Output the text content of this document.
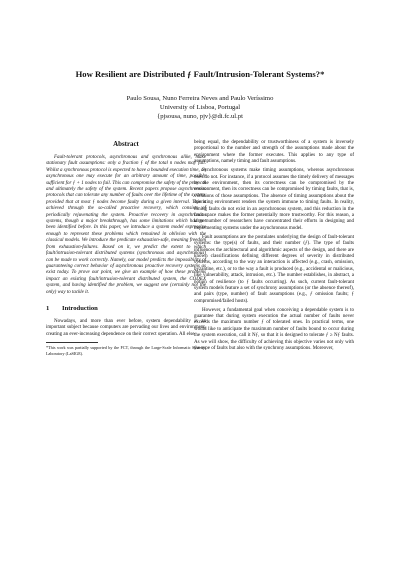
How Resilient are Distributed ƒ Fault/Intrusion-Tolerant Systems?*
Paulo Sousa, Nuno Ferreira Neves and Paulo Veríssimo
University of Lisboa, Portugal
{pjsousa, nuno, pjv}@di.fc.ul.pt
Abstract

Fault-tolerant protocols, asynchronous and synchronous alike, make stationary fault assumptions: only a fraction ƒ of the total n nodes may fail. Whilst a synchronous protocol is expected to have a bounded execution time, an asynchronous one may execute for an arbitrary amount of time, possibly sufficient for ƒ + 1 nodes to fail. This can compromise the safety of the protocol and ultimately the safety of the system. Recent papers propose asynchronous protocols that can tolerate any number of faults over the lifetime of the system, provided that at most ƒ nodes become faulty during a given interval. This is achieved through the so-called proactive recovery, which consists of periodically rejuvenating the system. Proactive recovery in asynchronous systems, though a major breakthrough, has some limitations which had not been identified before. In this paper, we introduce a system model expressive enough to represent these problems which remained in oblivion with the classical models. We introduce the predicate exhaustion-safe, meaning freedom from exhaustion-failures. Based on it, we predict the extent to which fault/intrusion-tolerant distributed systems (synchronous and asynchronous) can be made to work correctly. Namely, our model predicts the impossibility of guaranteeing correct behavior of asynchronous proactive recovery systems as exist today. To prove our point, we give an example of how these problems impact an existing fault/intrusion-tolerant distributed system, the CODEX system, and having identified the problem, we suggest one (certainly not the only) way to tackle it.

1 Introduction

Nowadays, and more than ever before, system dependability is an important subject because computers are pervading our lives and environment, creating an ever-increasing dependence on their correct operation. All else

*This work was partially supported by the FCT, through the Large-Scale Informatic Systems Laboratory (LaSIGE).

being equal, the dependability or trustworthiness of a system is inversely proportional to the number and strength of the assumptions made about the environment where the former executes. This applies to any type of assumptions, namely timing and fault assumptions.

Synchronous systems make timing assumptions, whereas asynchronous ones do not. For instance, if a protocol assumes the timely delivery of messages by the environment, then its correctness can be compromised by the environment, then its correctness can be compromised by timing faults, that is, violations of those assumptions. The absence of timing assumptions about the operating environment renders the system immune to timing faults. In reality, timing faults do not exist in an asynchronous system, and this reduction in the fault space makes the former potentially more trustworthy. For this reason, a large number of researchers have concentrated their efforts in designing and implementing systems under the asynchronous model.

Fault assumptions are the postulates underlying the design of fault-tolerant systems: the type(s) of faults, and their number (ƒ). The type of faults influences the architectural and algorithmic aspects of the design, and there are known classifications defining different degrees of severity in distributed systems, according to the way an interaction is affected (e.g., crash, omission, byzantine, etc.), or to the way a fault is produced (e.g., accidental or malicious, like vulnerability, attack, intrusion, etc.). The number establishes, in abstract, a notion of resilience (to ƒ faults occurring). As such, current fault-tolerant system models feature a set of synchrony assumptions (or the absence thereof), and pairs (type, number) of fault assumptions (e.g., ƒ omission faults; ƒ compromised/failed hosts).

However, a fundamental goal when conceiving a dependable system is to guarantee that during system execution the actual number of faults never exceeds the maximum number ƒ of tolerated ones. In practical terms, one would like to anticipate the maximum number of faults bound to occur during the system execution, call it Nƒ, so that it is designed to tolerate ƒ ≥ Nƒ faults. As we will show, the difficulty of achieving this objective varies not only with the type of faults but also with the synchrony assumptions. Moreover,
